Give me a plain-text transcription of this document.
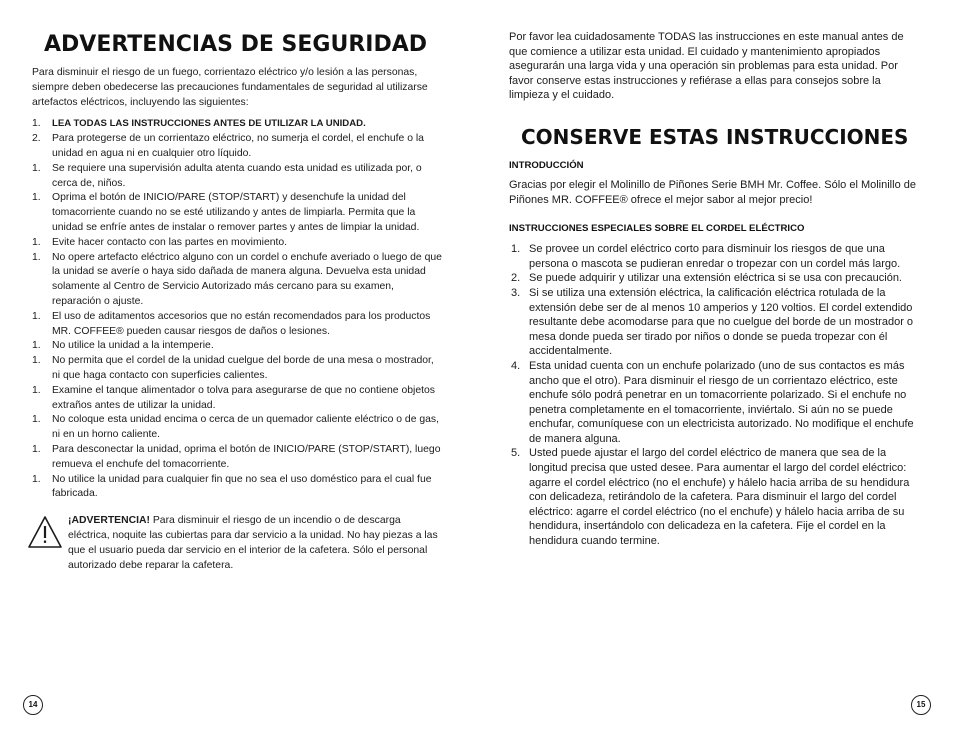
ADVERTENCIAS DE SEGURIDAD

Para disminuir el riesgo de un fuego, corrientazo eléctrico y/o lesión a las personas, siempre deben obedecerse las precauciones fundamentales de seguridad al utilizarse artefactos eléctricos, incluyendo las siguientes:

1.	LEA TODAS LAS INSTRUCCIONES ANTES DE UTILIZAR LA UNIDAD.
2.	Para protegerse de un corrientazo eléctrico, no sumerja el cordel, el enchufe o la unidad en agua ni en cualquier otro líquido.
1.	Se requiere una supervisión adulta atenta cuando esta unidad es utilizada por, o cerca de, niños.
1.	Oprima el botón de INICIO/PARE (STOP/START) y desenchufe la unidad del tomacorriente cuando no se esté utilizando y antes de limpiarla. Permita que la unidad se enfríe antes de instalar o remover partes y antes de limpiar la unidad.
1.	Evite hacer contacto con las partes en movimiento.
1.	No opere artefacto eléctrico alguno con un cordel o enchufe averiado o luego de que la unidad se averíe o haya sido dañada de manera alguna. Devuelva esta unidad solamente al Centro de Servicio Autorizado más cercano para su examen, reparación o ajuste.
1.	El uso de aditamentos accesorios que no están recomendados para los productos MR. COFFEE® pueden causar riesgos de daños o lesiones.
1.	No utilice la unidad a la intemperie.
1.	No permita que el cordel de la unidad cuelgue del borde de una mesa o mostrador, ni que haga contacto con superficies calientes.
1.	Examine el tanque alimentador o tolva para asegurarse de que no contiene objetos extraños antes de utilizar la unidad.
1.	No coloque esta unidad encima o cerca de un quemador caliente eléctrico o de gas, ni en un horno caliente.
1.	Para desconectar la unidad, oprima el botón de INICIO/PARE (STOP/START), luego remueva el enchufe del tomacorriente.
1.	No utilice la unidad para cualquier fin que no sea el uso doméstico para el cual fue fabricada.

¡ADVERTENCIA! Para disminuir el riesgo de un incendio o de descarga eléctrica, noquite las cubiertas para dar servicio a la unidad. No hay piezas a las que el usuario pueda dar servicio en el interior de la cafetera. Sólo el personal autorizado debe reparar la cafetera.

14

Por favor lea cuidadosamente TODAS las instrucciones en este manual antes de que comience a utilizar esta unidad. El cuidado y mantenimiento apropiados asegurarán una larga vida y una operación sin problemas para esta unidad. Por favor conserve estas instrucciones y refiérase a ellas para consejos sobre la limpieza y el cuidado.

CONSERVE ESTAS INSTRUCCIONES
INTRODUCCIÓN

Gracias por elegir el Molinillo de Piñones Serie BMH Mr. Coffee. Sólo el Molinillo de Piñones MR. COFFEE® ofrece el mejor sabor al mejor precio!

INSTRUCCIONES ESPECIALES SOBRE EL CORDEL ELÉCTRICO
1. Se provee un cordel eléctrico corto para disminuir los riesgos de que una persona o mascota se pudieran enredar o tropezar con un cordel más largo.
2. Se puede adquirir y utilizar una extensión eléctrica si se usa con precaución.
3. Si se utiliza una extensión eléctrica, la calificación eléctrica rotulada de la extensión debe ser de al menos 10 amperios y 120 voltios. El cordel extendido resultante debe acomodarse para que no cuelgue del borde de un mostrador o mesa donde pueda ser tirado por niños o donde se pueda tropezar con él accidentalmente.
4. Esta unidad cuenta con un enchufe polarizado (uno de sus contactos es más ancho que el otro). Para disminuir el riesgo de un corrientazo eléctrico, este enchufe sólo podrá penetrar en un tomacorriente polarizado. Si el enchufe no penetra completamente en el tomacorriente, inviértalo. Si aún no se puede enchufar, comuníquese con un electricista autorizado. No modifique el enchufe de manera alguna.
5. Usted puede ajustar el largo del cordel eléctrico de manera que sea de la longitud precisa que usted desee. Para aumentar el largo del cordel eléctrico: agarre el cordel eléctrico (no el enchufe) y hálelo hacia arriba de su hendidura con delicadeza, retirándolo de la cafetera. Para disminuir el largo del cordel eléctrico: agarre el cordel eléctrico (no el enchufe) y hálelo hacia arriba de su hendidura, insertándolo con delicadeza en la cafetera. Fije el cordel en la hendidura cuando termine.
15
